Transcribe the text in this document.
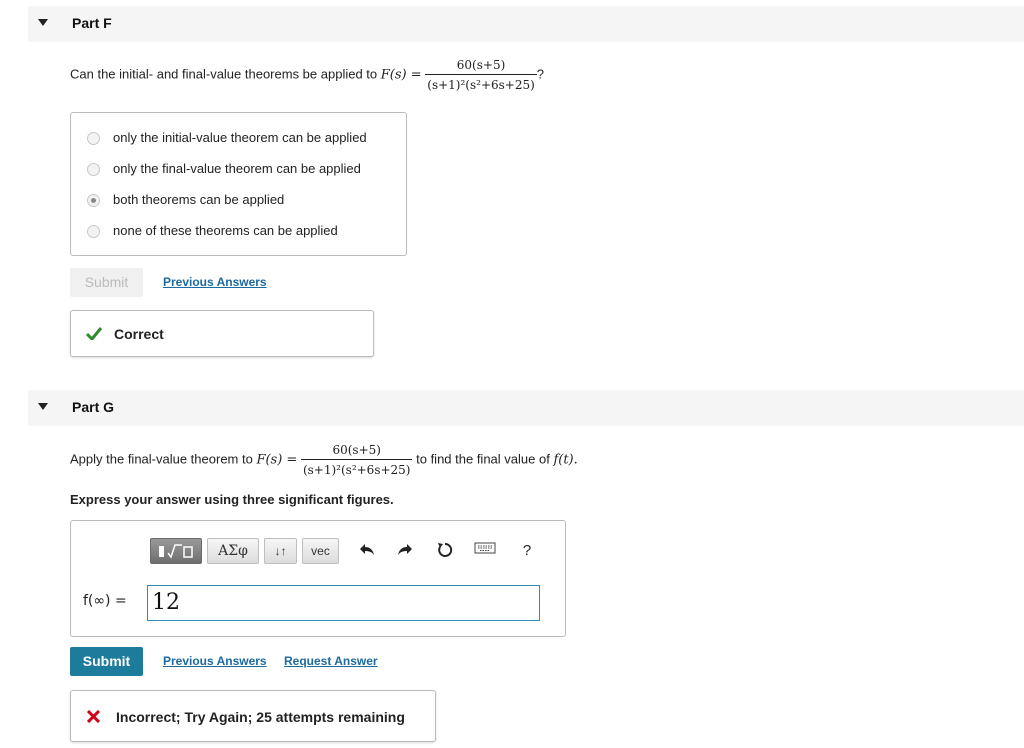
Part F
Can the initial- and final-value theorems be applied to $F(s) = \frac{60(s+5)}{\text{(s+1)²(s²+6s+25)}}$ ?
only the initial-value theorem can be applied
only the final-value theorem can be applied
both theorems can be applied
none of these theorems can be applied
Submit	Previous Answers
Correct
Part G
Apply the final-value theorem to $F(s) = \frac{60(s+5)}{\text{(s+1)²(s²+6s+25)}}$ to find the final value of f(t).
Express your answer using three significant figures.
ΑΣφ	↓↑	vec	?
f(∞) = 12
Submit	Previous Answers Request Answer
Incorrect; Try Again; 25 attempts remaining
